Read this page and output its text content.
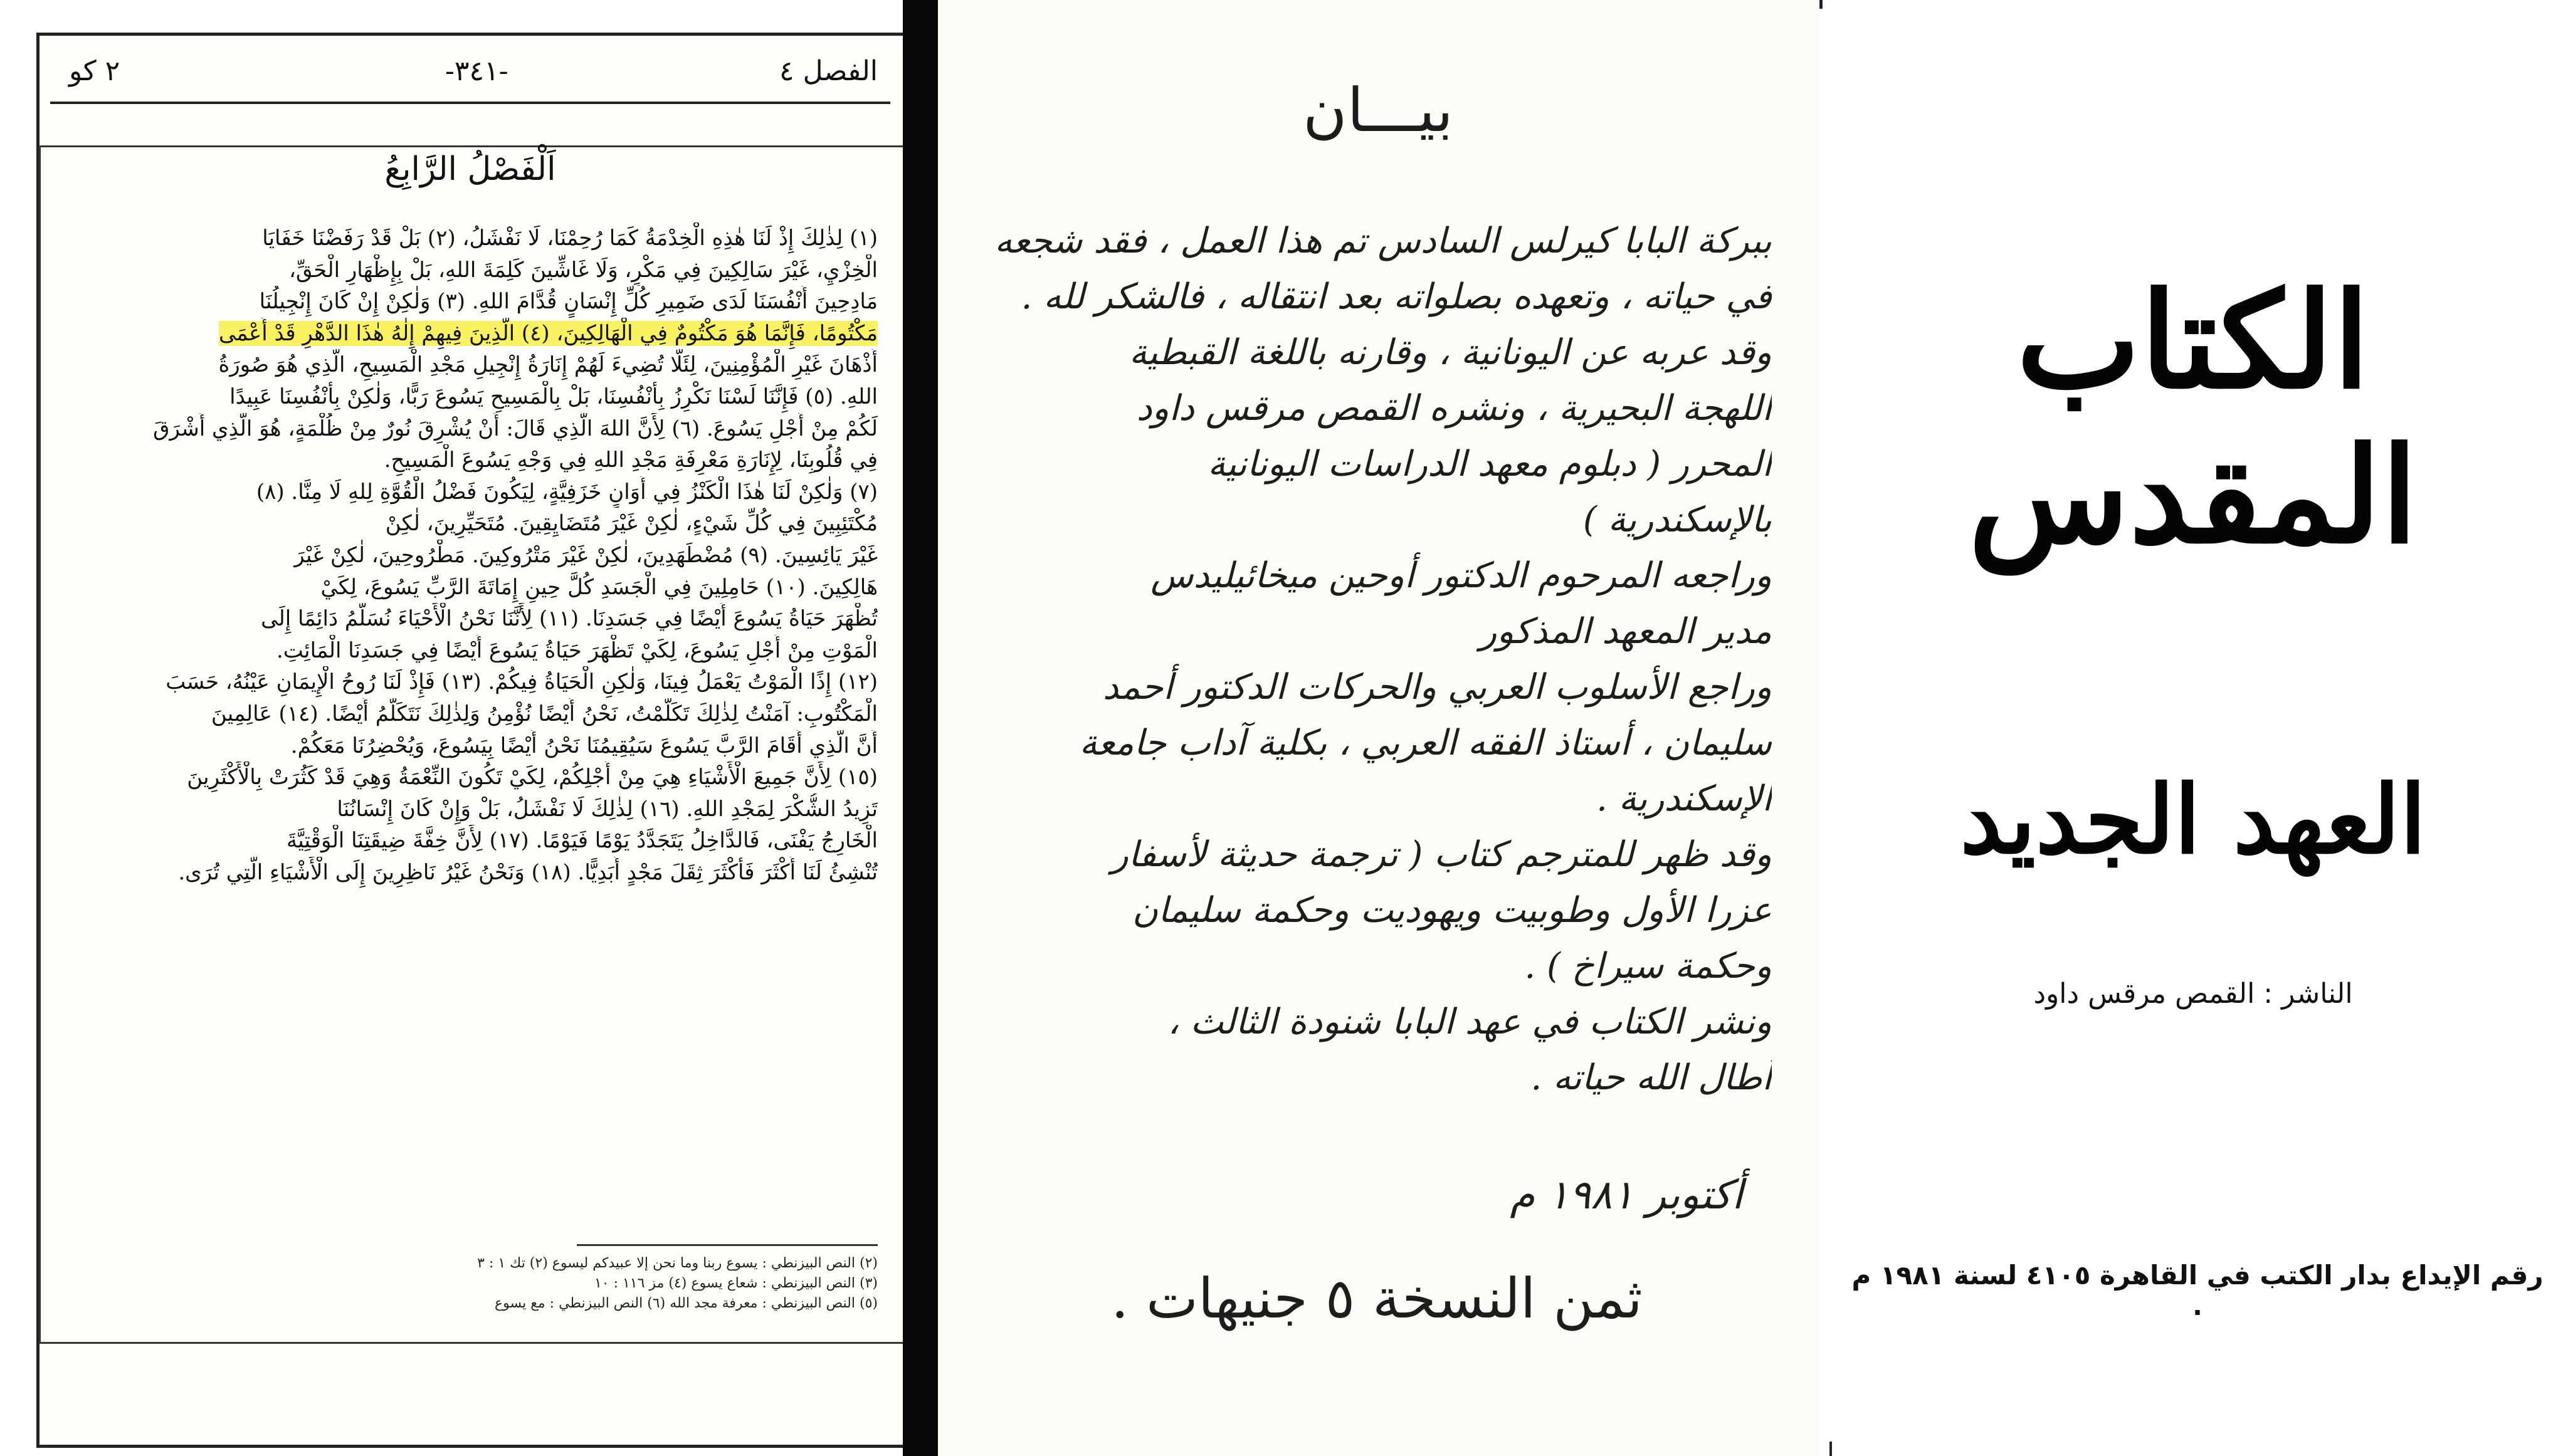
الفصل ٤
-٣٤١-
٢ كو
اَلْفَصْلُ الرَّابِعُ
(١) لِذٰلِكَ إِذْ لَنَا هٰذِهِ الْخِدْمَةُ كَمَا رُحِمْنَا، لَا نَفْشَلُ، (٢) بَلْ قَدْ رَفَضْنَا خَفَايَا
الْخِزْيِ، غَيْرَ سَالِكِينَ فِي مَكْرٍ، وَلَا غَاشِّينَ كَلِمَةَ اللهِ، بَلْ بِإِظْهَارِ الْحَقِّ،
مَادِحِينَ أَنْفُسَنَا لَدَى ضَمِيرِ كُلِّ إِنْسَانٍ قُدَّامَ اللهِ. (٣) وَلٰكِنْ إِنْ كَانَ إِنْجِيلُنَا
مَكْتُومًا، فَإِنَّمَا هُوَ مَكْتُومٌ فِي الْهَالِكِينَ، (٤) الَّذِينَ فِيهِمْ إِلٰهُ هٰذَا الدَّهْرِ قَدْ أَعْمَى
أَذْهَانَ غَيْرِ الْمُؤْمِنِينَ، لِئَلَّا تُضِيءَ لَهُمْ إِنَارَةُ إِنْجِيلِ مَجْدِ الْمَسِيحِ، الَّذِي هُوَ صُورَةُ
اللهِ. (٥) فَإِنَّنَا لَسْنَا نَكْرِزُ بِأَنْفُسِنَا، بَلْ بِالْمَسِيحِ يَسُوعَ رَبًّا، وَلٰكِنْ بِأَنْفُسِنَا عَبِيدًا
لَكُمْ مِنْ أَجْلِ يَسُوعَ. (٦) لِأَنَّ اللهَ الَّذِي قَالَ: أَنْ يُشْرِقَ نُورٌ مِنْ ظُلْمَةٍ، هُوَ الَّذِي أَشْرَقَ
فِي قُلُوبِنَا، لِإِنَارَةِ مَعْرِفَةِ مَجْدِ اللهِ فِي وَجْهِ يَسُوعَ الْمَسِيحِ.
(٧) وَلٰكِنْ لَنَا هٰذَا الْكَنْزُ فِي أَوَانٍ خَزَفِيَّةٍ، لِيَكُونَ فَضْلُ الْقُوَّةِ لِلهِ لَا مِنَّا. (٨)
مُكْتَئِبِينَ فِي كُلِّ شَيْءٍ، لٰكِنْ غَيْرَ مُتَضَايِقِينَ. مُتَحَيِّرِينَ، لٰكِنْ
غَيْرَ يَائِسِينَ. (٩) مُضْطَهَدِينَ، لٰكِنْ غَيْرَ مَتْرُوكِينَ. مَطْرُوحِينَ، لٰكِنْ غَيْرَ
هَالِكِينَ. (١٠) حَامِلِينَ فِي الْجَسَدِ كُلَّ حِينٍ إِمَاتَةَ الرَّبِّ يَسُوعَ، لِكَيْ
تُظْهَرَ حَيَاةُ يَسُوعَ أَيْضًا فِي جَسَدِنَا. (١١) لِأَنَّنَا نَحْنُ الْأَحْيَاءَ نُسَلَّمُ دَائِمًا إِلَى
الْمَوْتِ مِنْ أَجْلِ يَسُوعَ، لِكَيْ تَظْهَرَ حَيَاةُ يَسُوعَ أَيْضًا فِي جَسَدِنَا الْمَائِتِ.
(١٢) إِذًا الْمَوْتُ يَعْمَلُ فِينَا، وَلٰكِنِ الْحَيَاةُ فِيكُمْ. (١٣) فَإِذْ لَنَا رُوحُ الْإِيمَانِ عَيْنُهُ، حَسَبَ
الْمَكْتُوبِ: آمَنْتُ لِذٰلِكَ تَكَلَّمْتُ، نَحْنُ أَيْضًا نُؤْمِنُ وَلِذٰلِكَ نَتَكَلَّمُ أَيْضًا. (١٤) عَالِمِينَ
أَنَّ الَّذِي أَقَامَ الرَّبَّ يَسُوعَ سَيُقِيمُنَا نَحْنُ أَيْضًا بِيَسُوعَ، وَيُحْضِرُنَا مَعَكُمْ.
(١٥) لِأَنَّ جَمِيعَ الْأَشْيَاءِ هِيَ مِنْ أَجْلِكُمْ، لِكَيْ تَكُونَ النِّعْمَةُ وَهِيَ قَدْ كَثُرَتْ بِالْأَكْثَرِينَ
تَزِيدُ الشُّكْرَ لِمَجْدِ اللهِ. (١٦) لِذٰلِكَ لَا نَفْشَلُ، بَلْ وَإِنْ كَانَ إِنْسَانُنَا
الْخَارِجُ يَفْنَى، فَالدَّاخِلُ يَتَجَدَّدُ يَوْمًا فَيَوْمًا. (١٧) لِأَنَّ خِفَّةَ ضِيقَتِنَا الْوَقْتِيَّةَ
تُنْشِئُ لَنَا أَكْثَرَ فَأَكْثَرَ ثِقَلَ مَجْدٍ أَبَدِيًّا. (١٨) وَنَحْنُ غَيْرُ نَاظِرِينَ إِلَى الْأَشْيَاءِ الَّتِي تُرَى.
(٢) النص البيزنطي : يسوع ربنا وما نحن إلا عبيدكم ليسوع (٢) تك ١ : ٣
(٣) النص البيزنطي : شعاع يسوع (٤) مز ١١٦ : ١٠
(٥) النص البيزنطي : معرفة مجد الله (٦) النص البيزنطي : مع يسوع
بيـــان
ببركة البابا كيرلس السادس تم هذا العمل ، فقد شجعه
في حياته ، وتعهده بصلواته بعد انتقاله ، فالشكر لله .
وقد عربه عن اليونانية ، وقارنه باللغة القبطية
اللهجة البحيرية ، ونشره القمص مرقس داود
المحرر ( دبلوم معهد الدراسات اليونانية
بالإسكندرية )
وراجعه المرحوم الدكتور أوحين ميخائيليدس
مدير المعهد المذكور
وراجع الأسلوب العربي والحركات الدكتور أحمد
سليمان ، أستاذ الفقه العربي ، بكلية آداب جامعة
الإسكندرية .
وقد ظهر للمترجم كتاب ( ترجمة حديثة لأسفار
عزرا الأول وطوبيت ويهوديت وحكمة سليمان
وحكمة سيراخ ) .
ونشر الكتاب في عهد البابا شنودة الثالث ،
أطال الله حياته .
أكتوبر ١٩٨١ م
ثمن النسخة ٥ جنيهات .
الكتاب المقدس
العهد الجديد
الناشر : القمص مرقس داود
رقم الإيداع بدار الكتب في القاهرة ٤١٠٥ لسنة ١٩٨١ م .
